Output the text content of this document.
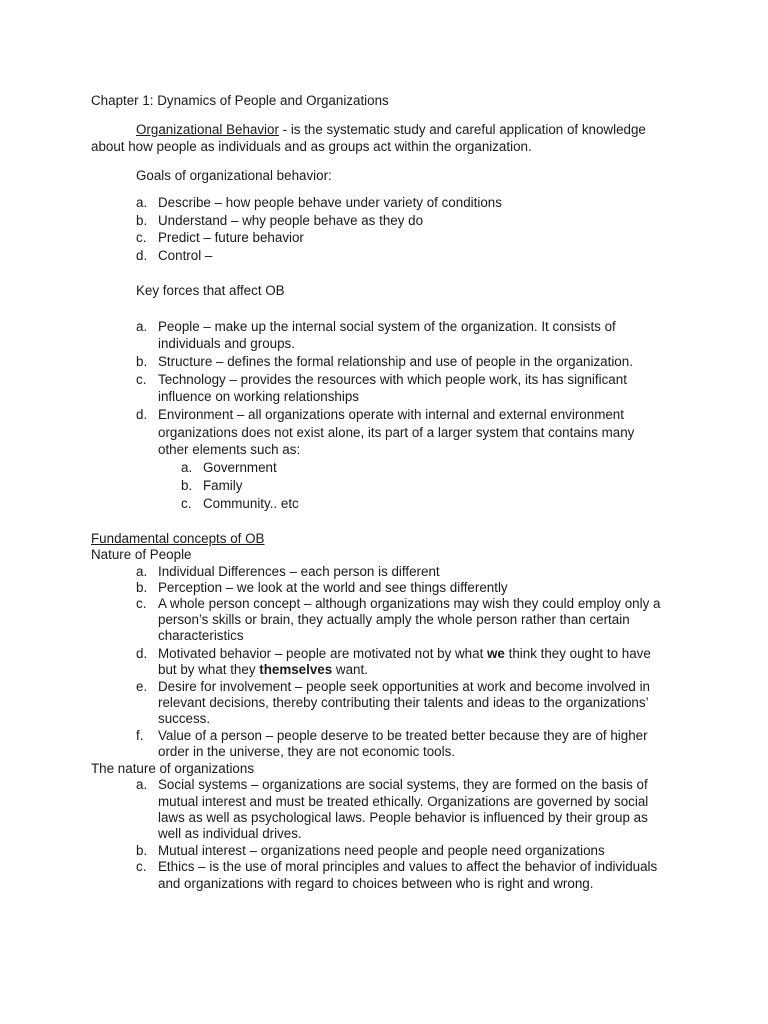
Chapter 1: Dynamics of People and Organizations
Organizational Behavior - is the systematic study and careful application of knowledge
about how people as individuals and as groups act within the organization.
Goals of organizational behavior:
a. Describe – how people behave under variety of conditions
b. Understand – why people behave as they do
c. Predict – future behavior
d. Control –
Key forces that affect OB
a. People – make up the internal social system of the organization. It consists of
individuals and groups.
b. Structure – defines the formal relationship and use of people in the organization.
c. Technology – provides the resources with which people work, its has significant
influence on working relationships
d. Environment – all organizations operate with internal and external environment
organizations does not exist alone, its part of a larger system that contains many
other elements such as:
a. Government
b. Family
c. Community.. etc
Fundamental concepts of OB
Nature of People
a. Individual Differences – each person is different
b. Perception – we look at the world and see things differently
c. A whole person concept – although organizations may wish they could employ only a
person’s skills or brain, they actually amply the whole person rather than certain
characteristics
d. Motivated behavior – people are motivated not by what we think they ought to have
but by what they themselves want.
e. Desire for involvement – people seek opportunities at work and become involved in
relevant decisions, thereby contributing their talents and ideas to the organizations’
success.
f. Value of a person – people deserve to be treated better because they are of higher
order in the universe, they are not economic tools.
The nature of organizations
a. Social systems – organizations are social systems, they are formed on the basis of
mutual interest and must be treated ethically. Organizations are governed by social
laws as well as psychological laws. People behavior is influenced by their group as
well as individual drives.
b. Mutual interest – organizations need people and people need organizations
c. Ethics – is the use of moral principles and values to affect the behavior of individuals
and organizations with regard to choices between who is right and wrong.
